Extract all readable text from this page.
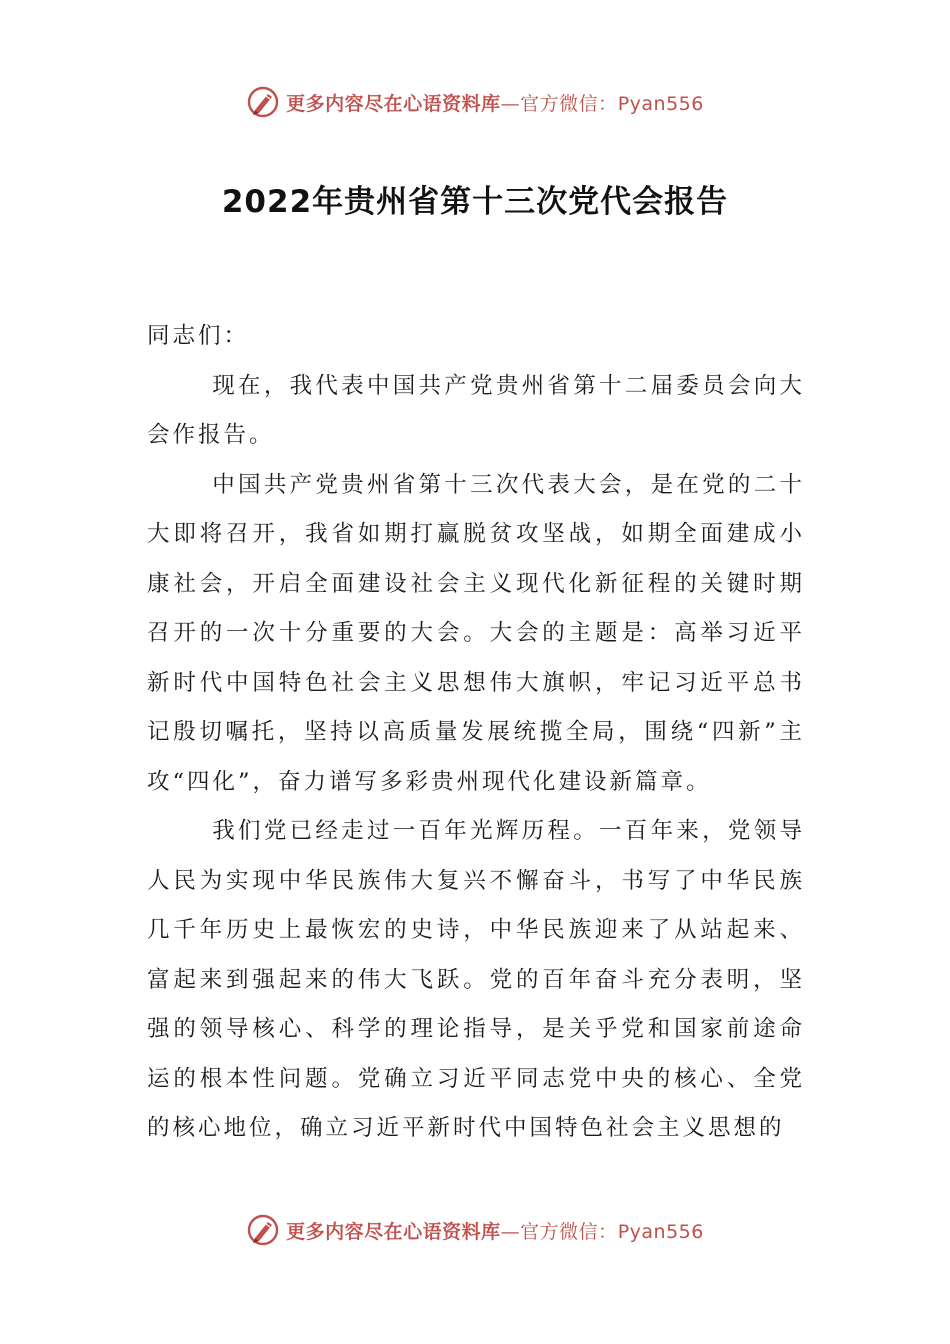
更多内容尽在心语资料库—官方微信：Pyan556
2022年贵州省第十三次党代会报告

同志们：

现在，我代表中国共产党贵州省第十二届委员会向大会作报告。

中国共产党贵州省第十三次代表大会，是在党的二十大即将召开，我省如期打赢脱贫攻坚战，如期全面建成小康社会，开启全面建设社会主义现代化新征程的关键时期召开的一次十分重要的大会。大会的主题是：高举习近平新时代中国特色社会主义思想伟大旗帜，牢记习近平总书记殷切嘱托，坚持以高质量发展统揽全局，围绕“四新”主攻“四化”，奋力谱写多彩贵州现代化建设新篇章。

我们党已经走过一百年光辉历程。一百年来，党领导人民为实现中华民族伟大复兴不懈奋斗，书写了中华民族几千年历史上最恢宏的史诗，中华民族迎来了从站起来、富起来到强起来的伟大飞跃。党的百年奋斗充分表明，坚强的领导核心、科学的理论指导，是关乎党和国家前途命运的根本性问题。党确立习近平同志党中央的核心、全党的核心地位，确立习近平新时代中国特色社会主义思想的

更多内容尽在心语资料库—官方微信：Pyan556
